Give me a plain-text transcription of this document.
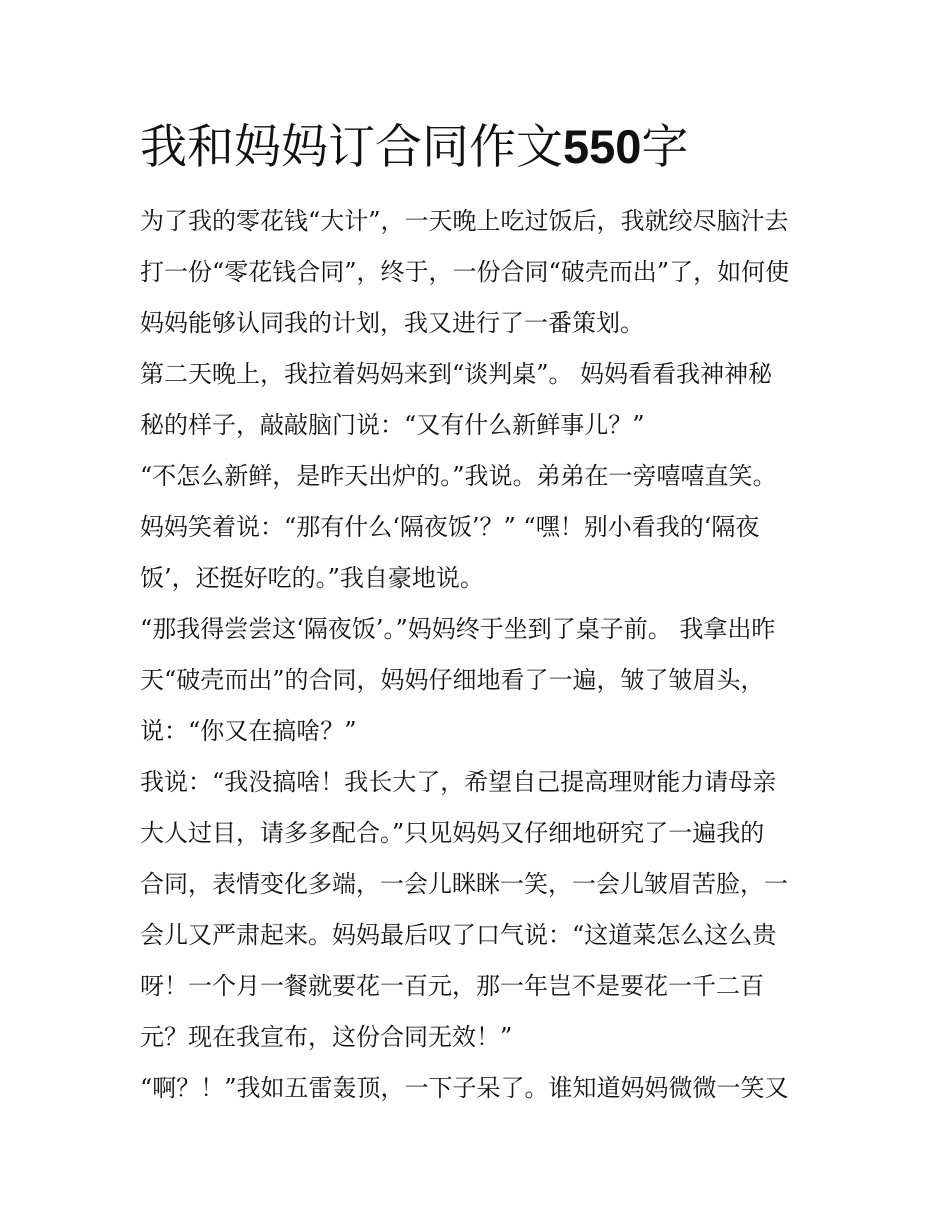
我和妈妈订合同作文550字
为了我的零花钱“大计”，一天晚上吃过饭后，我就绞尽脑汁去
打一份“零花钱合同”，终于，一份合同“破壳而出”了，如何使
妈妈能够认同我的计划，我又进行了一番策划。
第二天晚上，我拉着妈妈来到“谈判桌”。 妈妈看看我神神秘
秘的样子，敲敲脑门说：“又有什么新鲜事儿？”
“不怎么新鲜，是昨天出炉的。”我说。弟弟在一旁嘻嘻直笑。
妈妈笑着说：“那有什么‘隔夜饭’？” “嘿！别小看我的‘隔夜
饭’，还挺好吃的。”我自豪地说。
“那我得尝尝这‘隔夜饭’。”妈妈终于坐到了桌子前。 我拿出昨
天“破壳而出”的合同，妈妈仔细地看了一遍，皱了皱眉头，
说：“你又在搞啥？”
我说：“我没搞啥！我长大了，希望自己提高理财能力请母亲
大人过目，请多多配合。”只见妈妈又仔细地研究了一遍我的
合同，表情变化多端，一会儿眯眯一笑，一会儿皱眉苦脸，一
会儿又严肃起来。妈妈最后叹了口气说：“这道菜怎么这么贵
呀！一个月一餐就要花一百元，那一年岂不是要花一千二百
元？现在我宣布，这份合同无效！”
“啊？！”我如五雷轰顶，一下子呆了。谁知道妈妈微微一笑又
